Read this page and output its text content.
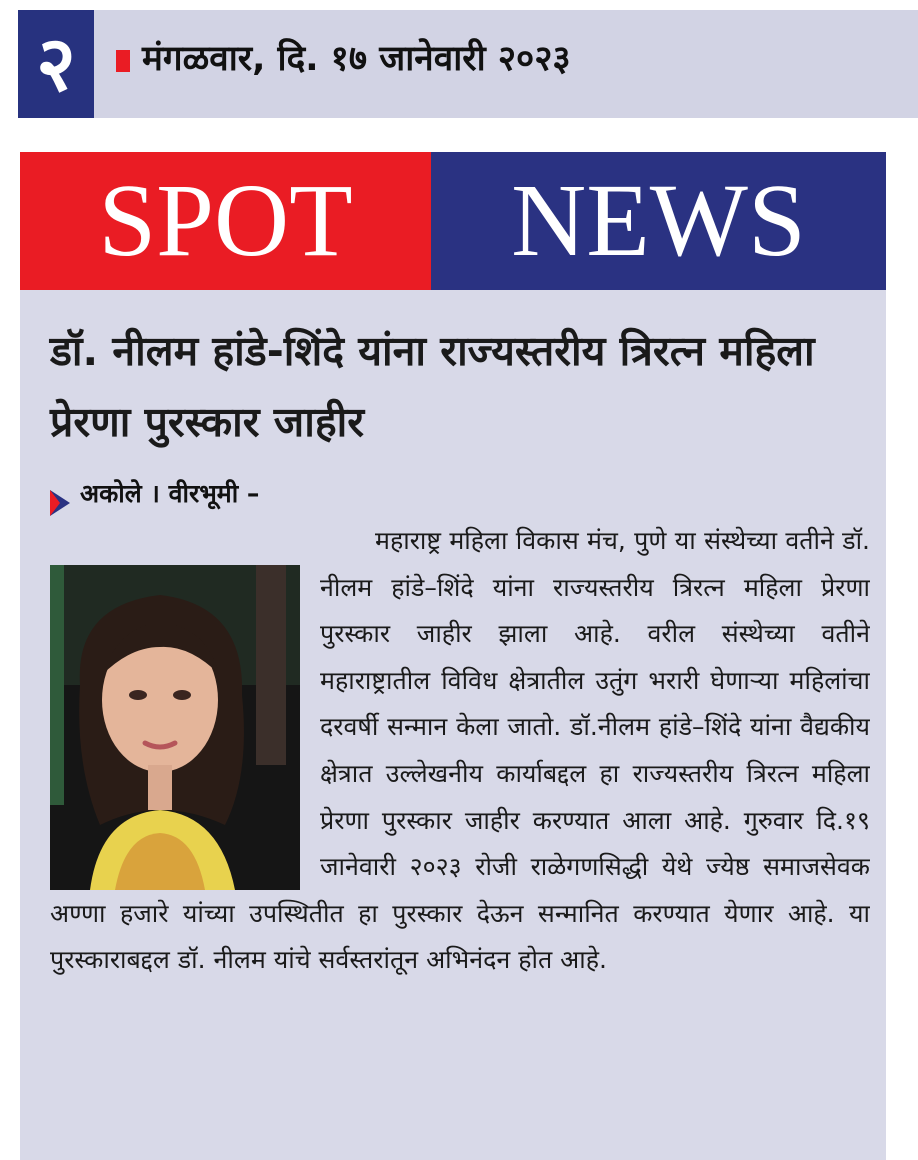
२	मंगळवार, दि. १७ जानेवारी २०२३
SPOT	NEWS
डॉ. नीलम हांडे-शिंदे यांना राज्यस्तरीय त्रिरत्न महिला प्रेरणा पुरस्कार जाहीर
अकोले । वीरभूमी –
महाराष्ट्र महिला विकास मंच, पुणे या संस्थेच्या वतीने डॉ. नीलम हांडे–शिंदे यांना राज्यस्तरीय त्रिरत्न महिला प्रेरणा पुरस्कार जाहीर झाला आहे. वरील संस्थेच्या वतीने महाराष्ट्रातील विविध क्षेत्रातील उतुंग भरारी घेणाऱ्या महिलांचा दरवर्षी सन्मान केला जातो. डॉ.नीलम हांडे–शिंदे यांना वैद्यकीय क्षेत्रात उल्लेखनीय कार्याबद्दल हा राज्यस्तरीय त्रिरत्न महिला प्रेरणा पुरस्कार जाहीर करण्यात आला आहे. गुरुवार दि.१९ जानेवारी २०२३ रोजी राळेगणसिद्धी येथे ज्येष्ठ समाजसेवक अण्णा हजारे यांच्या उपस्थितीत हा पुरस्कार देऊन सन्मानित करण्यात येणार आहे. या पुरस्काराबद्दल डॉ. नीलम यांचे सर्वस्तरांतून अभिनंदन होत आहे.
